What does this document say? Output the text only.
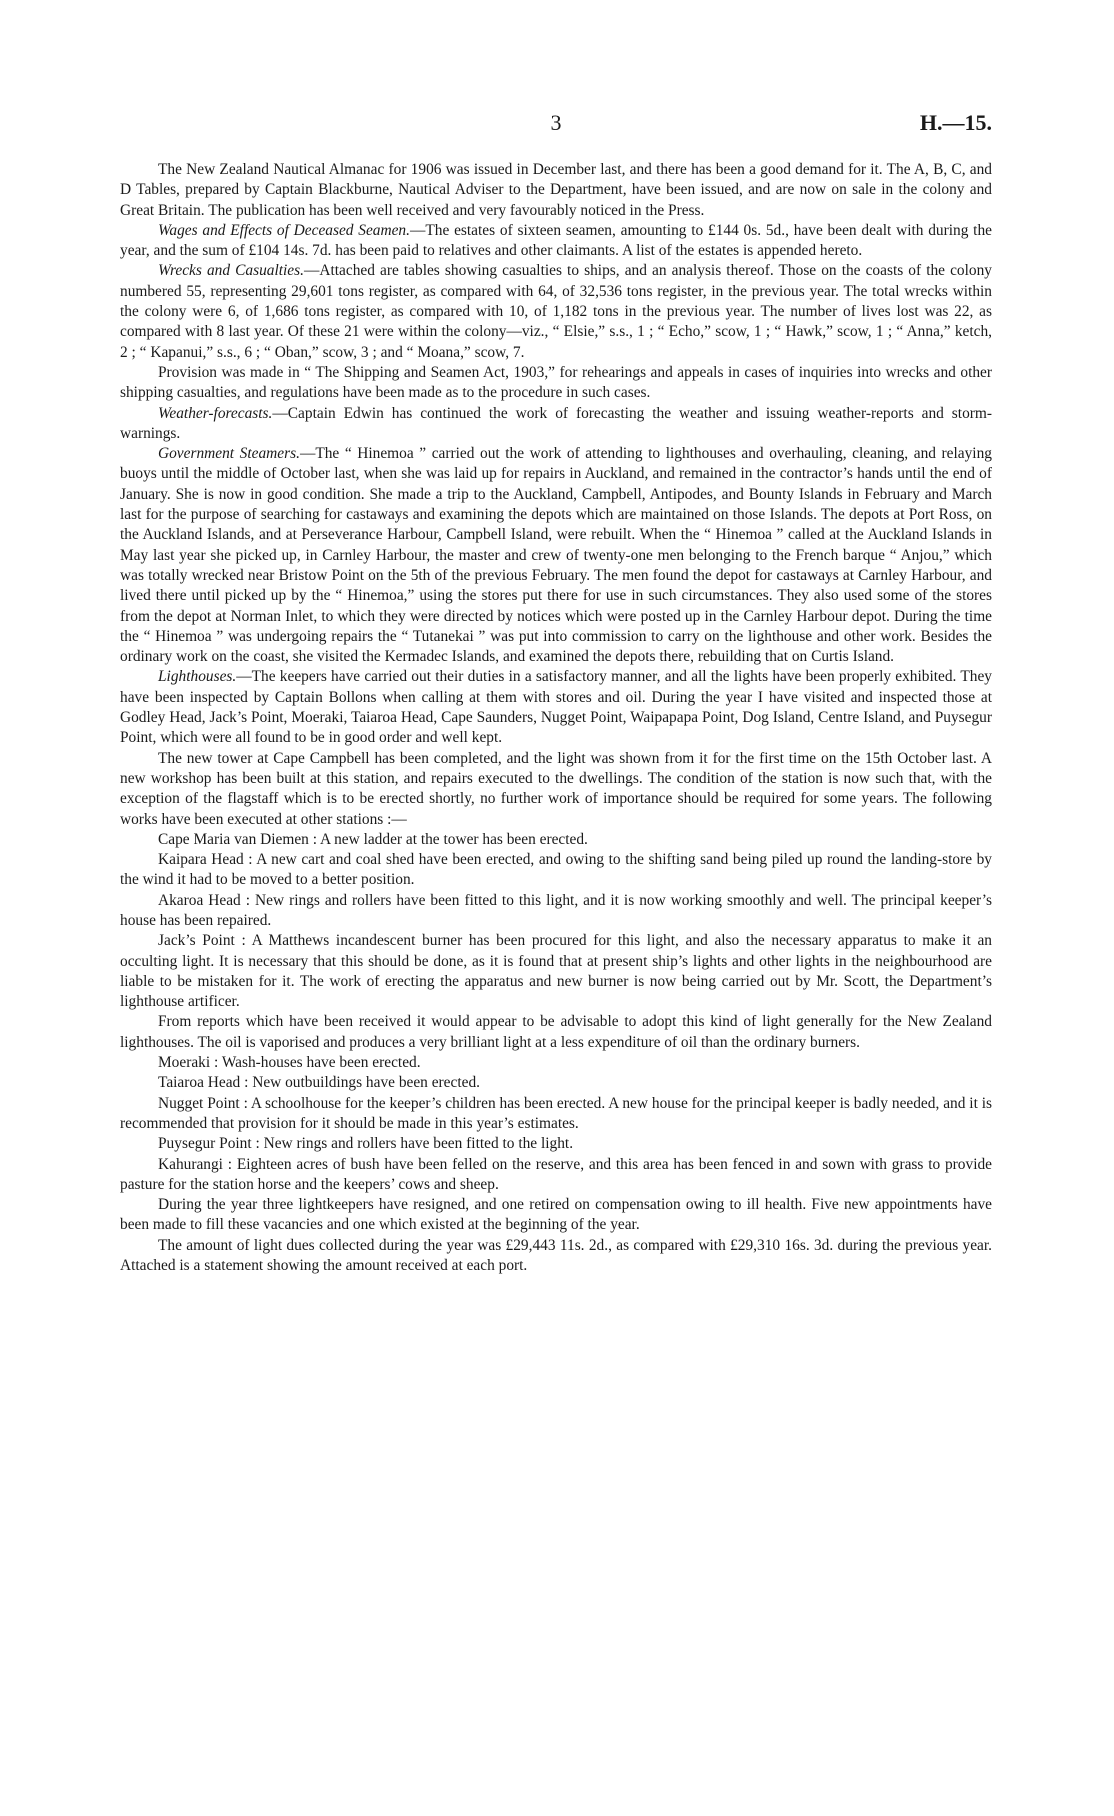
3	H.—15.

The New Zealand Nautical Almanac for 1906 was issued in December last, and there has been a good demand for it. The A, B, C, and D Tables, prepared by Captain Blackburne, Nautical Adviser to the Department, have been issued, and are now on sale in the colony and Great Britain. The publication has been well received and very favourably noticed in the Press.

Wages and Effects of Deceased Seamen.—The estates of sixteen seamen, amounting to £144 0s. 5d., have been dealt with during the year, and the sum of £104 14s. 7d. has been paid to relatives and other claimants. A list of the estates is appended hereto.

Wrecks and Casualties.—Attached are tables showing casualties to ships, and an analysis thereof. Those on the coasts of the colony numbered 55, representing 29,601 tons register, as compared with 64, of 32,536 tons register, in the previous year. The total wrecks within the colony were 6, of 1,686 tons register, as compared with 10, of 1,182 tons in the previous year. The number of lives lost was 22, as compared with 8 last year. Of these 21 were within the colony—viz., “ Elsie,” s.s., 1 ; “ Echo,” scow, 1 ; “ Hawk,” scow, 1 ; “ Anna,” ketch, 2 ; “ Kapanui,” s.s., 6 ; “ Oban,” scow, 3 ; and “ Moana,” scow, 7.

Provision was made in “ The Shipping and Seamen Act, 1903,” for rehearings and appeals in cases of inquiries into wrecks and other shipping casualties, and regulations have been made as to the procedure in such cases.

Weather-forecasts.—Captain Edwin has continued the work of forecasting the weather and issuing weather-reports and storm-warnings.

Government Steamers.—The “ Hinemoa ” carried out the work of attending to lighthouses and overhauling, cleaning, and relaying buoys until the middle of October last, when she was laid up for repairs in Auckland, and remained in the contractor’s hands until the end of January. She is now in good condition. She made a trip to the Auckland, Campbell, Antipodes, and Bounty Islands in February and March last for the purpose of searching for castaways and examining the depots which are maintained on those Islands. The depots at Port Ross, on the Auckland Islands, and at Perseverance Harbour, Campbell Island, were rebuilt. When the “ Hinemoa ” called at the Auckland Islands in May last year she picked up, in Carnley Harbour, the master and crew of twenty-one men belonging to the French barque “ Anjou,” which was totally wrecked near Bristow Point on the 5th of the previous February. The men found the depot for castaways at Carnley Harbour, and lived there until picked up by the “ Hinemoa,” using the stores put there for use in such circumstances. They also used some of the stores from the depot at Norman Inlet, to which they were directed by notices which were posted up in the Carnley Harbour depot. During the time the “ Hinemoa ” was undergoing repairs the “ Tutanekai ” was put into commission to carry on the lighthouse and other work. Besides the ordinary work on the coast, she visited the Kermadec Islands, and examined the depots there, rebuilding that on Curtis Island.

Lighthouses.—The keepers have carried out their duties in a satisfactory manner, and all the lights have been properly exhibited. They have been inspected by Captain Bollons when calling at them with stores and oil. During the year I have visited and inspected those at Godley Head, Jack’s Point, Moeraki, Taiaroa Head, Cape Saunders, Nugget Point, Waipapapa Point, Dog Island, Centre Island, and Puysegur Point, which were all found to be in good order and well kept.

The new tower at Cape Campbell has been completed, and the light was shown from it for the first time on the 15th October last. A new workshop has been built at this station, and repairs executed to the dwellings. The condition of the station is now such that, with the exception of the flagstaff which is to be erected shortly, no further work of importance should be required for some years. The following works have been executed at other stations :—

Cape Maria van Diemen : A new ladder at the tower has been erected.

Kaipara Head : A new cart and coal shed have been erected, and owing to the shifting sand being piled up round the landing-store by the wind it had to be moved to a better position.

Akaroa Head : New rings and rollers have been fitted to this light, and it is now working smoothly and well. The principal keeper’s house has been repaired.

Jack’s Point : A Matthews incandescent burner has been procured for this light, and also the necessary apparatus to make it an occulting light. It is necessary that this should be done, as it is found that at present ship’s lights and other lights in the neighbourhood are liable to be mistaken for it. The work of erecting the apparatus and new burner is now being carried out by Mr. Scott, the Department’s lighthouse artificer.

From reports which have been received it would appear to be advisable to adopt this kind of light generally for the New Zealand lighthouses. The oil is vaporised and produces a very brilliant light at a less expenditure of oil than the ordinary burners.

Moeraki : Wash-houses have been erected.

Taiaroa Head : New outbuildings have been erected.

Nugget Point : A schoolhouse for the keeper’s children has been erected. A new house for the principal keeper is badly needed, and it is recommended that provision for it should be made in this year’s estimates.

Puysegur Point : New rings and rollers have been fitted to the light.

Kahurangi : Eighteen acres of bush have been felled on the reserve, and this area has been fenced in and sown with grass to provide pasture for the station horse and the keepers’ cows and sheep.

During the year three lightkeepers have resigned, and one retired on compensation owing to ill health. Five new appointments have been made to fill these vacancies and one which existed at the beginning of the year.

The amount of light dues collected during the year was £29,443 11s. 2d., as compared with £29,310 16s. 3d. during the previous year. Attached is a statement showing the amount received at each port.
